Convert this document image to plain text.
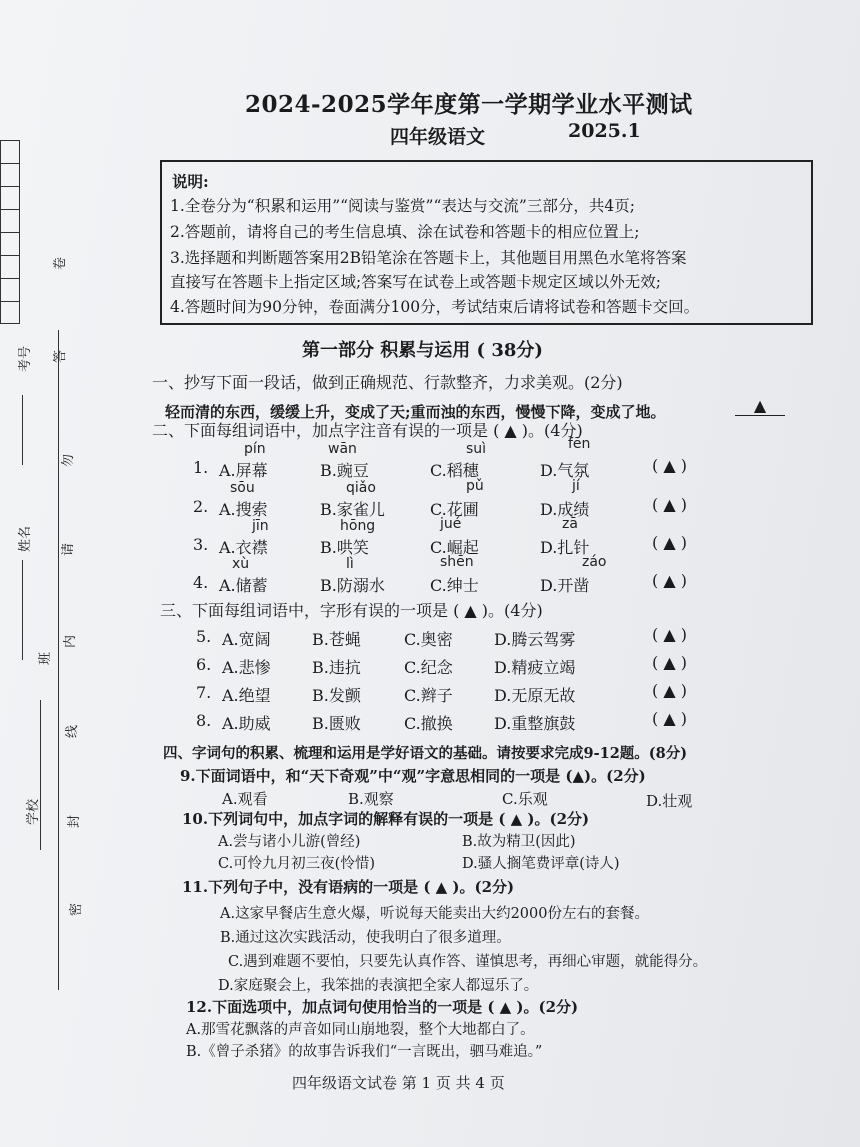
考号
姓名
班
学校
卷
答
勿
请
内
线
封
密
2024-2025学年度第一学期学业水平测试
四年级语文	2025.1
说明:
1.全卷分为“积累和运用”“阅读与鉴赏”“表达与交流”三部分，共4页;
2.答题前，请将自己的考生信息填、涂在试卷和答题卡的相应位置上;
3.选择题和判断题答案用2B铅笔涂在答题卡上，其他题目用黑色水笔将答案
直接写在答题卡上指定区域;答案写在试卷上或答题卡规定区域以外无效;
4.答题时间为90分钟，卷面满分100分，考试结束后请将试卷和答题卡交回。
第一部分 积累与运用 ( 38分)
一、抄写下面一段话，做到正确规范、行款整齐，力求美观。(2分)
轻而清的东西，缓缓上升，变成了天;重而浊的东西，慢慢下降，变成了地。	▲
二、下面每组词语中，加点字注音有误的一项是 ( ▲ )。(4分)
pín	wān	suì	fēn
1. A.屏幕	B.豌豆	C.稻穗	D.气氛	( ▲ )
sōu	qiǎo	pǔ	jí
2. A.搜索	B.家雀儿	C.花圃	D.成绩	( ▲ )
jīn	hōng	jué	zā
3. A.衣襟	B.哄笑	C.崛起	D.扎针	( ▲ )
xù	lì	shēn	záo
4. A.储蓄	B.防溺水	C.绅士	D.开凿	( ▲ )
三、下面每组词语中，字形有误的一项是 ( ▲ )。(4分)
5. A.宽阔	B.苍蝇	C.奥密	D.腾云驾雾	( ▲ )
6. A.悲惨	B.违抗	C.纪念	D.精疲立竭	( ▲ )
7. A.绝望	B.发颤	C.辫子	D.无原无故	( ▲ )
8. A.助威	B.匮败	C.撤换	D.重整旗鼓	( ▲ )
四、字词句的积累、梳理和运用是学好语文的基础。请按要求完成9-12题。(8分)
9.下面词语中，和“天下奇观”中“观”字意思相同的一项是 (▲)。(2分)
A.观看	B.观察	C.乐观	D.壮观
10.下列词句中，加点字词的解释有误的一项是 ( ▲ )。(2分)
A.尝与诸小儿游(曾经)	B.故为精卫(因此)
C.可怜九月初三夜(怜惜)	D.骚人搁笔费评章(诗人)
11.下列句子中，没有语病的一项是 ( ▲ )。(2分)
A.这家早餐店生意火爆，听说每天能卖出大约2000份左右的套餐。
B.通过这次实践活动，使我明白了很多道理。
C.遇到难题不要怕，只要先认真作答、谨慎思考，再细心审题，就能得分。
D.家庭聚会上，我笨拙的表演把全家人都逗乐了。
12.下面选项中，加点词句使用恰当的一项是 ( ▲ )。(2分)
A.那雪花飘落的声音如同山崩地裂，整个大地都白了。
B.《曾子杀猪》的故事告诉我们“一言既出，驷马难追。”
四年级语文试卷 第 1 页 共 4 页
